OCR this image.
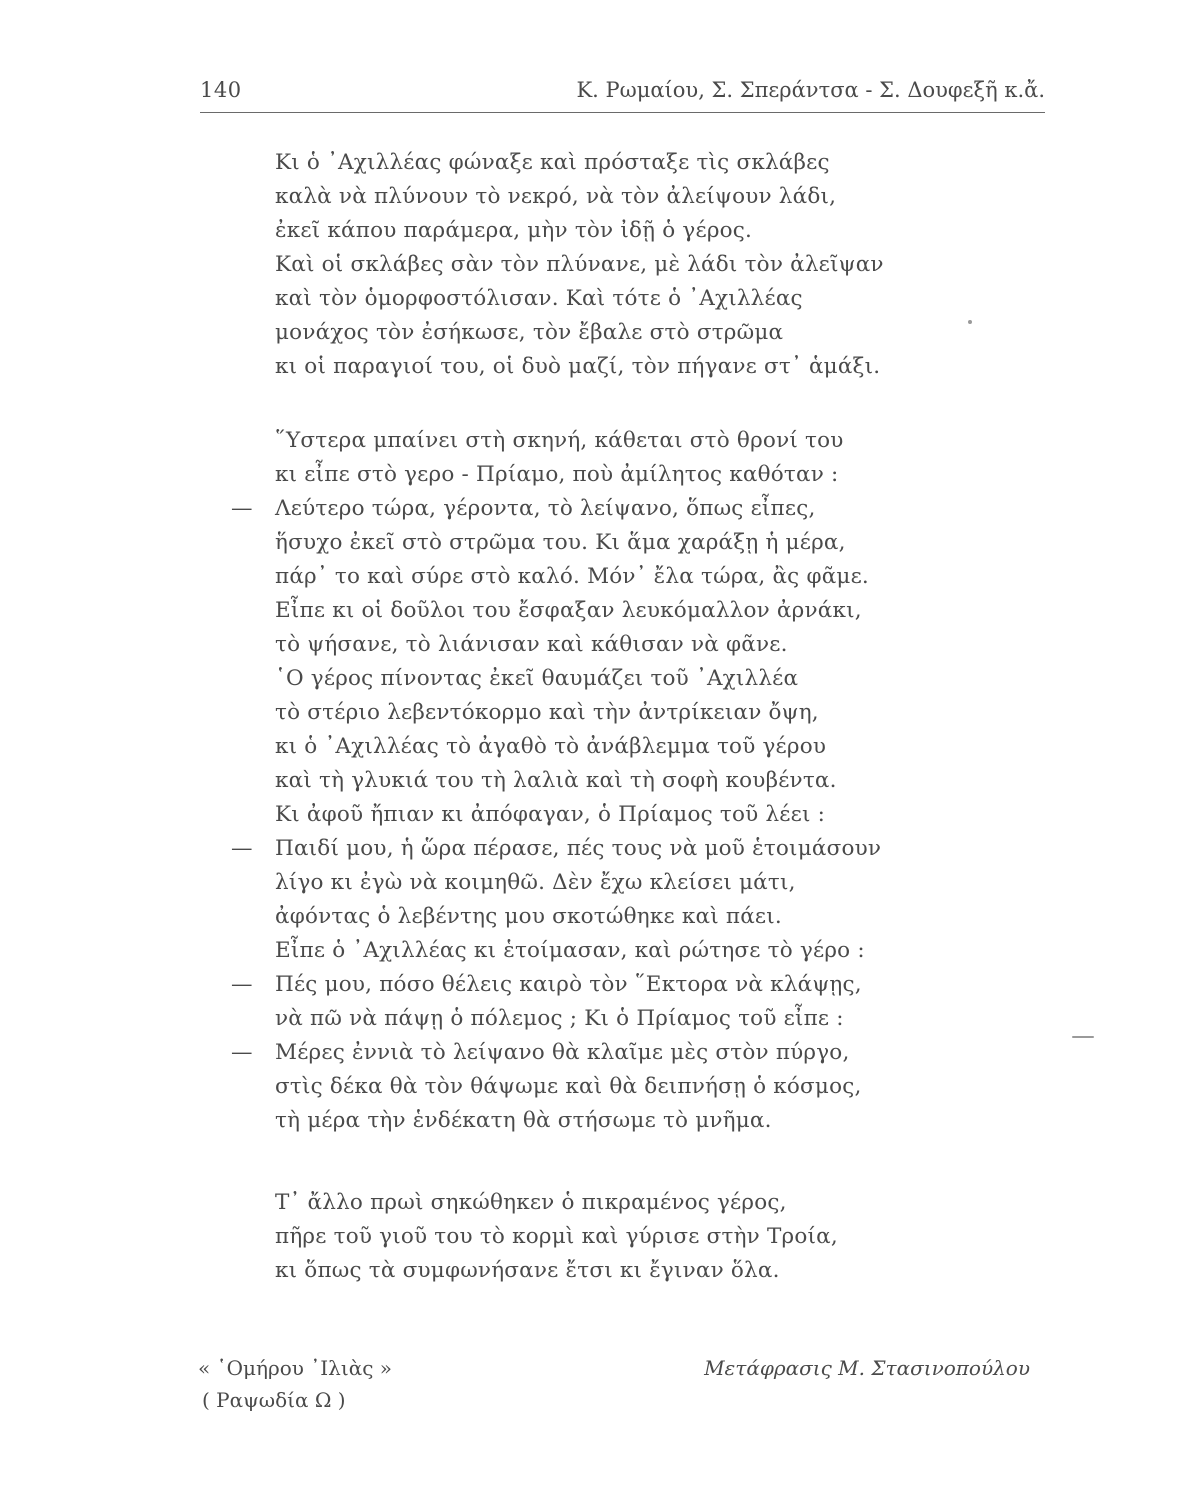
140	Κ. Ρωμαίου, Σ. Σπεράντσα - Σ. Δουφεξῆ κ.ἄ.
Κι ὁ ᾿Αχιλλέας φώναξε καὶ πρόσταξε τὶς σκλάβες
καλὰ νὰ πλύνουν τὸ νεκρό, νὰ τὸν ἀλείψουν λάδι,
ἐκεῖ κάπου παράμερα, μὴν τὸν ἰδῇ ὁ γέρος.
Καὶ οἱ σκλάβες σὰν τὸν πλύνανε, μὲ λάδι τὸν ἀλεῖψαν
καὶ τὸν ὁμορφοστόλισαν. Καὶ τότε ὁ ᾿Αχιλλέας
μονάχος τὸν ἐσήκωσε, τὸν ἔβαλε στὸ στρῶμα
κι οἱ παραγιοί του, οἱ δυὸ μαζί, τὸν πήγανε στ᾿ ἁμάξι.
῞Υστερα μπαίνει στὴ σκηνή, κάθεται στὸ θρονί του
κι εἶπε στὸ γερο - Πρίαμο, ποὺ ἀμίλητος καθόταν :
— Λεύτερο τώρα, γέροντα, τὸ λείψανο, ὅπως εἶπες,
ἥσυχο ἐκεῖ στὸ στρῶμα του. Κι ἅμα χαράξῃ ἡ μέρα,
πάρ᾿ το καὶ σύρε στὸ καλό. Μόν᾿ ἔλα τώρα, ἂς φᾶμε.
Εἶπε κι οἱ δοῦλοι του ἔσφαξαν λευκόμαλλον ἀρνάκι,
τὸ ψήσανε, τὸ λιάνισαν καὶ κάθισαν νὰ φᾶνε.
῾Ο γέρος πίνοντας ἐκεῖ θαυμάζει τοῦ ᾿Αχιλλέα
τὸ στέριο λεβεντόκορμο καὶ τὴν ἀντρίκειαν ὄψη,
κι ὁ ᾿Αχιλλέας τὸ ἀγαθὸ τὸ ἀνάβλεμμα τοῦ γέρου
καὶ τὴ γλυκιά του τὴ λαλιὰ καὶ τὴ σοφὴ κουβέντα.
Κι ἀφοῦ ἤπιαν κι ἀπόφαγαν, ὁ Πρίαμος τοῦ λέει :
— Παιδί μου, ἡ ὥρα πέρασε, πές τους νὰ μοῦ ἑτοιμάσουν
λίγο κι ἐγὼ νὰ κοιμηθῶ. Δὲν ἔχω κλείσει μάτι,
ἀφόντας ὁ λεβέντης μου σκοτώθηκε καὶ πάει.
Εἶπε ὁ ᾿Αχιλλέας κι ἑτοίμασαν, καὶ ρώτησε τὸ γέρο :
— Πές μου, πόσο θέλεις καιρὸ τὸν ῞Εκτορα νὰ κλάψῃς,
νὰ πῶ νὰ πάψῃ ὁ πόλεμος ; Κι ὁ Πρίαμος τοῦ εἶπε :
— Μέρες ἐννιὰ τὸ λείψανο θὰ κλαῖμε μὲς στὸν πύργο,
στὶς δέκα θὰ τὸν θάψωμε καὶ θὰ δειπνήσῃ ὁ κόσμος,
τὴ μέρα τὴν ἑνδέκατη θὰ στήσωμε τὸ μνῆμα.
Τ᾿ ἄλλο πρωὶ σηκώθηκεν ὁ πικραμένος γέρος,
πῆρε τοῦ γιοῦ του τὸ κορμὶ καὶ γύρισε στὴν Τροία,
κι ὅπως τὰ συμφωνήσανε ἔτσι κι ἔγιναν ὅλα.
« ῾Ομήρου ᾿Ιλιὰς »
( Ραψωδία Ω )
Μετάφρασις Μ. Στασινοπούλου
